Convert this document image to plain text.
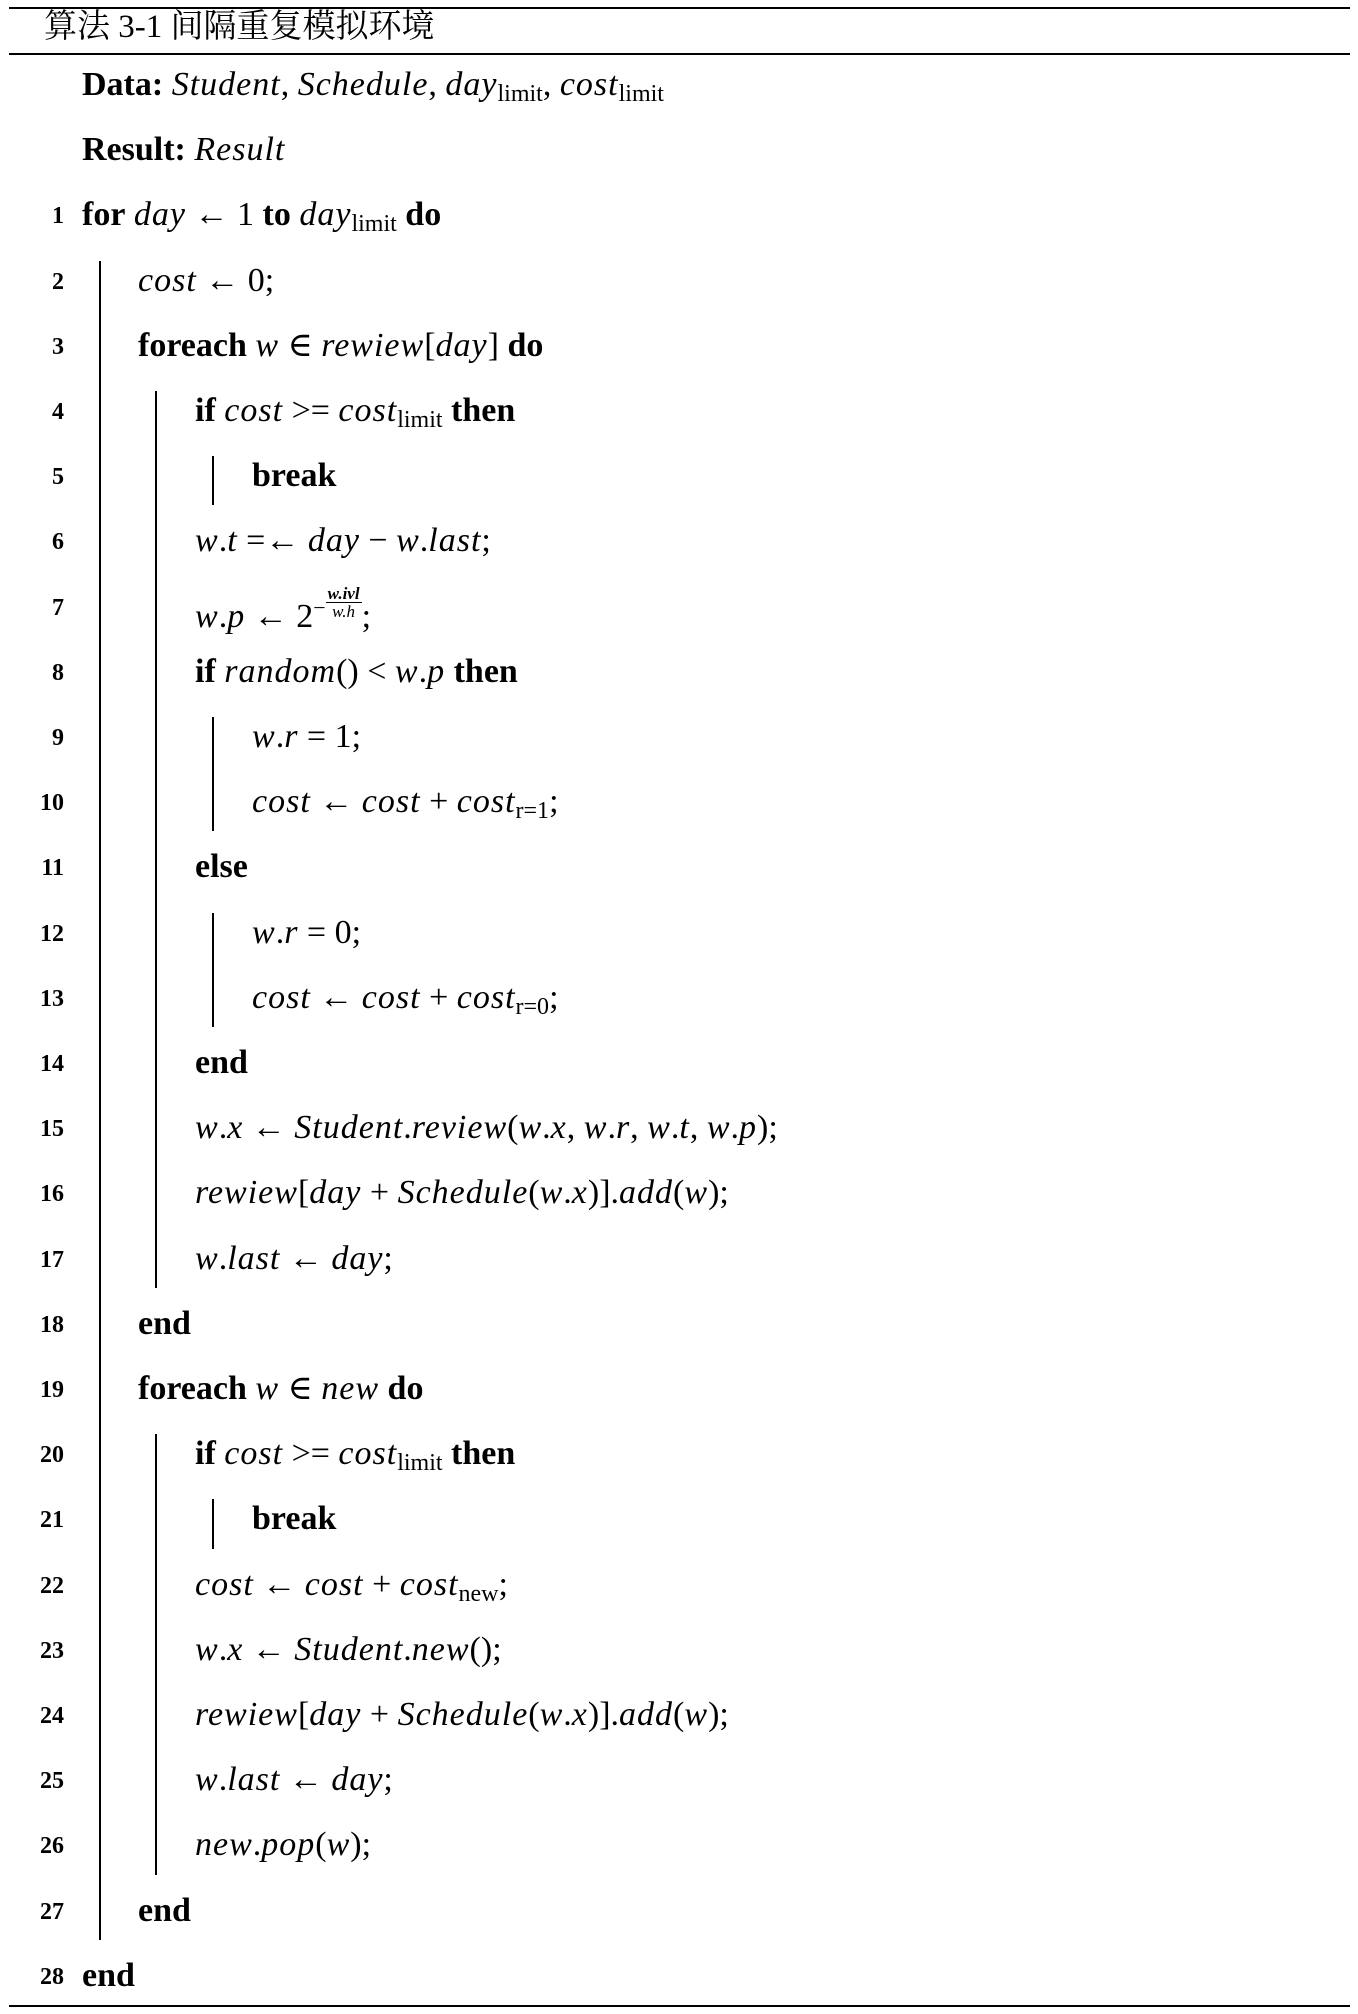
算法 3-1 间隔重复模拟环境
Data: Student, Schedule, day$_{limit}$, cost$_{limit}$
Result: Result
1 for day ← 1 to day$_{limit}$ do
2 cost ← 0;
3 foreach w ∈ rewiew[day] do
4	if cost >= cost$_{limit}$ then
5	break
6	w.t =← day − w.last;
7	w.p ← $2^- \frac{\text{w.ivl}}{w.h}$ ;
8	if random() < w.p then
9	w.r = 1;
10	cost ← cost + cost$_{r=1}$;
11	else
12	w.r = 0;
13	cost ← cost + cost$_{r=0}$;
14	end
15	w.x ← Student.review(w.x, w.r, w.t, w.p);
16	rewiew[day + Schedule(w.x)].add(w);
17	w.last ← day;
18 end
19 foreach w ∈ new do
20	if cost >= cost$_{limit}$ then
21	break
22	cost ← cost + cost$_{new}$;
23	w.x ← Student.new();
24	rewiew[day + Schedule(w.x)].add(w);
25	w.last ← day;
26	new.pop(w);
27 end
28 end
